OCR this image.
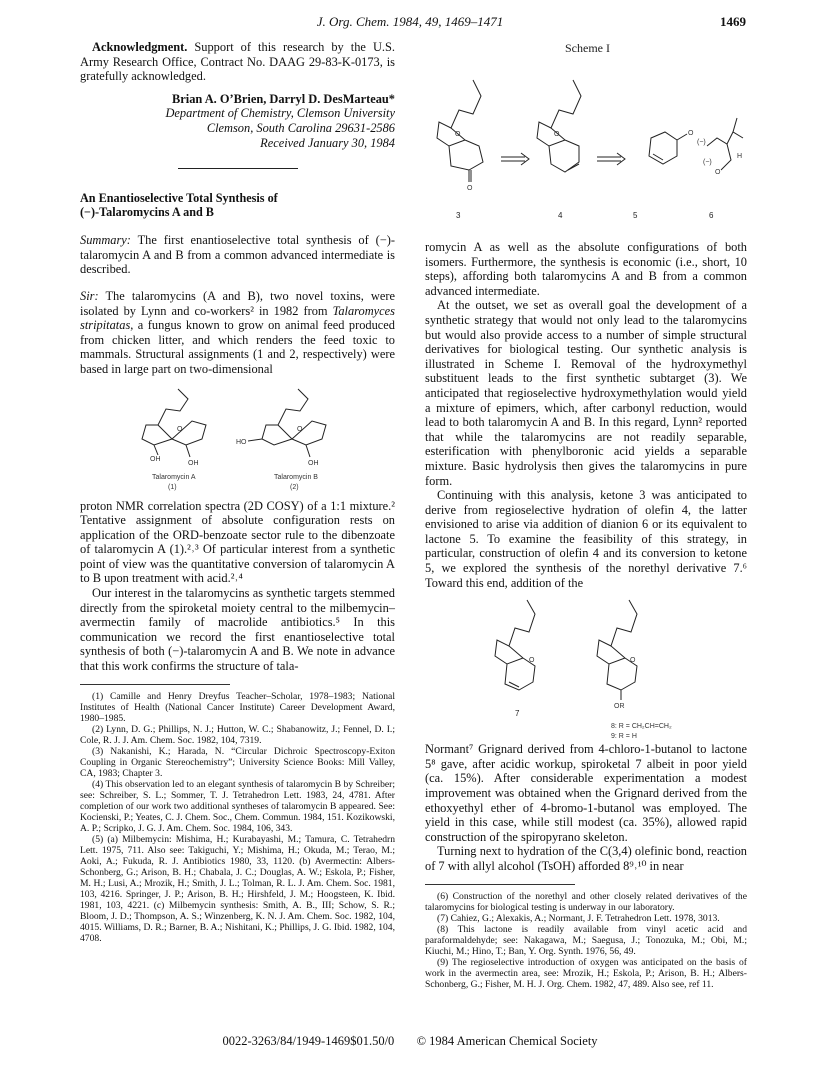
J. Org. Chem. 1984, 49, 1469–1471	1469

Acknowledgment. Support of this research by the U.S. Army Research Office, Contract No. DAAG 29-83-K-0173, is gratefully acknowledged.

Brian A. O’Brien, Darryl D. DesMarteau*

Department of Chemistry, Clemson University

Clemson, South Carolina 29631-2586

Received January 30, 1984

An Enantioselective Total Synthesis of
(−)-Talaromycins A and B

Summary: The first enantioselective total synthesis of (−)-talaromycin A and B from a common advanced intermediate is described.

Sir: The talaromycins (A and B), two novel toxins, were isolated by Lynn and co-workers² in 1982 from Talaromyces stripitatas, a fungus known to grow on animal feed produced from chicken litter, and which renders the feed toxic to mammals. Structural assignments (1 and 2, respectively) were based in large part on two-dimensional

O	O
OH
OH
HO
OH
Talaromycin A
(1)
Talaromycin B
(2)

proton NMR correlation spectra (2D COSY) of a 1:1 mixture.² Tentative assignment of absolute configuration rests on application of the ORD-benzoate sector rule to the dibenzoate of talaromycin A (1).²˒³ Of particular interest from a synthetic point of view was the quantitative conversion of talaromycin A to B upon treatment with acid.²˒⁴

Our interest in the talaromycins as synthetic targets stemmed directly from the spiroketal moiety central to the milbemycin–avermectin family of macrolide antibiotics.⁵ In this communication we record the first enantioselective total synthesis of both (−)-talaromycin A and B. We note in advance that this work confirms the structure of tala-

(1) Camille and Henry Dreyfus Teacher–Scholar, 1978–1983; National Institutes of Health (National Cancer Institute) Career Development Award, 1980–1985.

(2) Lynn, D. G.; Phillips, N. J.; Hutton, W. C.; Shabanowitz, J.; Fennel, D. I.; Cole, R. J. J. Am. Chem. Soc. 1982, 104, 7319.

(3) Nakanishi, K.; Harada, N. “Circular Dichroic Spectroscopy-Exiton Coupling in Organic Stereochemistry”; University Science Books: Mill Valley, CA, 1983; Chapter 3.

(4) This observation led to an elegant synthesis of talaromycin B by Schreiber; see: Schreiber, S. L.; Sommer, T. J. Tetrahedron Lett. 1983, 24, 4781. After completion of our work two additional syntheses of talaromycin B appeared. See: Kocienski, P.; Yeates, C. J. Chem. Soc., Chem. Commun. 1984, 151. Kozikowski, A. P.; Scripko, J. G. J. Am. Chem. Soc. 1984, 106, 343.

(5) (a) Milbemycin: Mishima, H.; Kurabayashi, M.; Tamura, C. Tetrahedrn Lett. 1975, 711. Also see: Takiguchi, Y.; Mishima, H.; Okuda, M.; Terao, M.; Aoki, A.; Fukuda, R. J. Antibiotics 1980, 33, 1120. (b) Avermectin: Albers-Schonberg, G.; Arison, B. H.; Chabala, J. C.; Douglas, A. W.; Eskola, P.; Fisher, M. H.; Lusi, A.; Mrozik, H.; Smith, J. L.; Tolman, R. L. J. Am. Chem. Soc. 1981, 103, 4216. Springer, J. P.; Arison, B. H.; Hirshfeld, J. M.; Hoogsteen, K. Ibid. 1981, 103, 4221. (c) Milbemycin synthesis: Smith, A. B., III; Schow, S. R.; Bloom, J. D.; Thompson, A. S.; Winzenberg, K. N. J. Am. Chem. Soc. 1982, 104, 4015. Williams, D. R.; Barner, B. A.; Nishitani, K.; Phillips, J. G. Ibid. 1982, 104, 4708.

Scheme I
O
O	O	O
(−)
(−)
O
H
3	4	5	6

romycin A as well as the absolute configurations of both isomers. Furthermore, the synthesis is economic (i.e., short, 10 steps), affording both talaromycins A and B from a common advanced intermediate.

At the outset, we set as overall goal the development of a synthetic strategy that would not only lead to the talaromycins but would also provide access to a number of simple structural derivatives for biological testing. Our synthetic analysis is illustrated in Scheme I. Removal of the hydroxymethyl substituent leads to the first synthetic subtarget (3). We anticipated that regioselective hydroxymethylation would yield a mixture of epimers, which, after carbonyl reduction, would lead to both talaromycin A and B. In this regard, Lynn² reported that while the talaromycins are not readily separable, esterification with phenylboronic acid yields a separable mixture. Basic hydrolysis then gives the talaromycins in pure form.

Continuing with this analysis, ketone 3 was anticipated to derive from regioselective hydration of olefin 4, the latter envisioned to arise via addition of dianion 6 or its equivalent to lactone 5. To examine the feasibility of this strategy, in particular, construction of olefin 4 and its conversion to ketone 5, we explored the synthesis of the norethyl derivative 7.⁶ Toward this end, addition of the

O
7
O
OR
8: R = CH₂CH=CH₂
9: R = H

Normant⁷ Grignard derived from 4-chloro-1-butanol to lactone 5⁸ gave, after acidic workup, spiroketal 7 albeit in poor yield (ca. 15%). After considerable experimentation a modest improvement was obtained when the Grignard derived from the ethoxyethyl ether of 4-bromo-1-butanol was employed. The yield in this case, while still modest (ca. 35%), allowed rapid construction of the spiropyrano skeleton.

Turning next to hydration of the C(3,4) olefinic bond, reaction of 7 with allyl alcohol (TsOH) afforded 8⁹˒¹⁰ in near

(6) Construction of the norethyl and other closely related derivatives of the talaromycins for biological testing is underway in our laboratory.

(7) Cahiez, G.; Alexakis, A.; Normant, J. F. Tetrahedron Lett. 1978, 3013.

(8) This lactone is readily available from vinyl acetic acid and paraformaldehyde; see: Nakagawa, M.; Saegusa, J.; Tonozuka, M.; Obi, M.; Kiuchi, M.; Hino, T.; Ban, Y. Org. Synth. 1976, 56, 49.

(9) The regioselective introduction of oxygen was anticipated on the basis of work in the avermectin area, see: Mrozik, H.; Eskola, P.; Arison, B. H.; Albers-Schonberg, G.; Fisher, M. H. J. Org. Chem. 1982, 47, 489. Also see, ref 11.

0022-3263/84/1949-1469$01.50/0 © 1984 American Chemical Society
